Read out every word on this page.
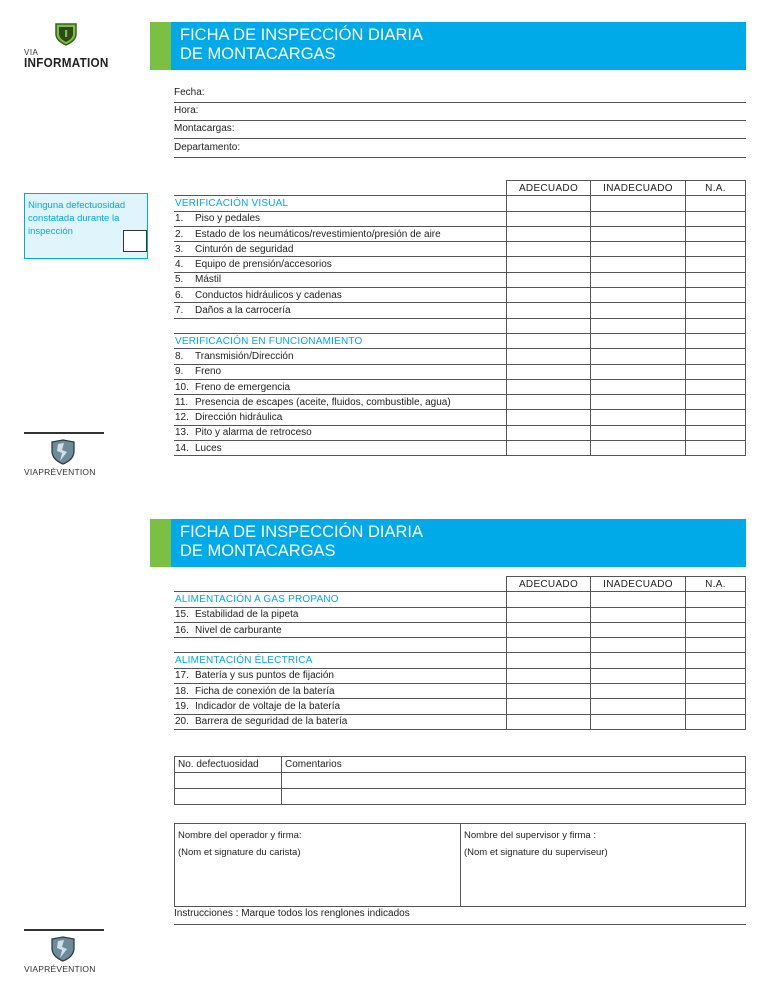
VIA
INFORMATION
FICHA DE INSPECCIÓN DIARIA
DE MONTACARGAS
Fecha:
Hora:
Montacargas:
Departamento:
Ninguna defectuosidad constatada durante la inspección
	ADECUADO	INADECUADO	N.A.
VERIFICACIÓN VISUAL			
1. Piso y pedales			
2. Estado de los neumáticos/revestimiento/presión de aire			
3. Cinturón de seguridad			
4. Equipo de prensión/accesorios			
5. Mástil			
6. Conductos hidráulicos y cadenas			
7. Daños a la carrocería			

VERIFICACIÓN EN FUNCIONAMIENTO			
8. Transmisión/Dirección			
9. Freno			
10. Freno de emergencia			
11. Presencia de escapes (aceite, fluidos, combustible, agua)			
12. Dirección hidráulica			
13. Pito y alarma de retroceso			
14. Luces			
VIAPRÉVENTION
FICHA DE INSPECCIÓN DIARIA
DE MONTACARGAS
	ADECUADO	INADECUADO	N.A.
ALIMENTACIÓN A GAS PROPANO			
15. Estabilidad de la pipeta			
16. Nivel de carburante			

ALIMENTACIÓN ÉLECTRICA			
17. Batería y sus puntos de fijación			
18. Ficha de conexión de la batería			
19. Indicador de voltaje de la batería			
20. Barrera de seguridad de la batería			
No. defectuosidad	Comentarios

Nombre del operador y firma:
(Nom et signature du carista)
Nombre del supervisor y firma :
(Nom et signature du superviseur)
Instrucciones : Marque todos los renglones indicados
VIAPRÉVENTION
